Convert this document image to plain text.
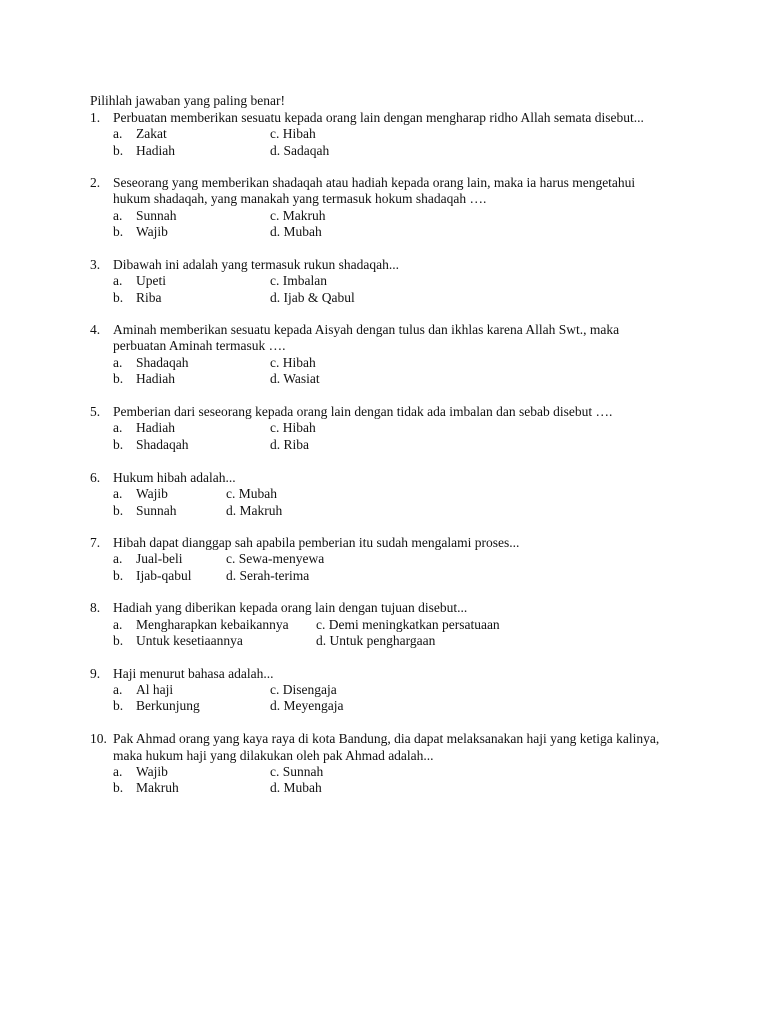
Pilihlah jawaban yang paling benar!
1. Perbuatan memberikan sesuatu kepada orang lain dengan mengharap ridho Allah semata disebut...
a. Zakat	c. Hibah
b. Hadiah	d. Sadaqah
2. Seseorang yang memberikan shadaqah atau hadiah kepada orang lain, maka ia harus mengetahui
hukum shadaqah, yang manakah yang termasuk hokum shadaqah ….
a. Sunnah	c. Makruh
b. Wajib	d. Mubah
3. Dibawah ini adalah yang termasuk rukun shadaqah...
a. Upeti	c. Imbalan
b. Riba	d. Ijab & Qabul
4. Aminah memberikan sesuatu kepada Aisyah dengan tulus dan ikhlas karena Allah Swt., maka
perbuatan Aminah termasuk ….
a. Shadaqah	c. Hibah
b. Hadiah	d. Wasiat
5. Pemberian dari seseorang kepada orang lain dengan tidak ada imbalan dan sebab disebut ….
a. Hadiah	c. Hibah
b. Shadaqah	d. Riba
6. Hukum hibah adalah...
a. Wajib	c. Mubah
b. Sunnah	d. Makruh
7. Hibah dapat dianggap sah apabila pemberian itu sudah mengalami proses...
a. Jual-beli	c. Sewa-menyewa
b. Ijab-qabul	d. Serah-terima
8. Hadiah yang diberikan kepada orang lain dengan tujuan disebut...
a. Mengharapkan kebaikannya c. Demi meningkatkan persatuaan
b. Untuk kesetiaannya	d. Untuk penghargaan
9. Haji menurut bahasa adalah...
a. Al haji	c. Disengaja
b. Berkunjung	d. Meyengaja
10. Pak Ahmad orang yang kaya raya di kota Bandung, dia dapat melaksanakan haji yang ketiga kalinya,
maka hukum haji yang dilakukan oleh pak Ahmad adalah...
a. Wajib	c. Sunnah
b. Makruh	d. Mubah
